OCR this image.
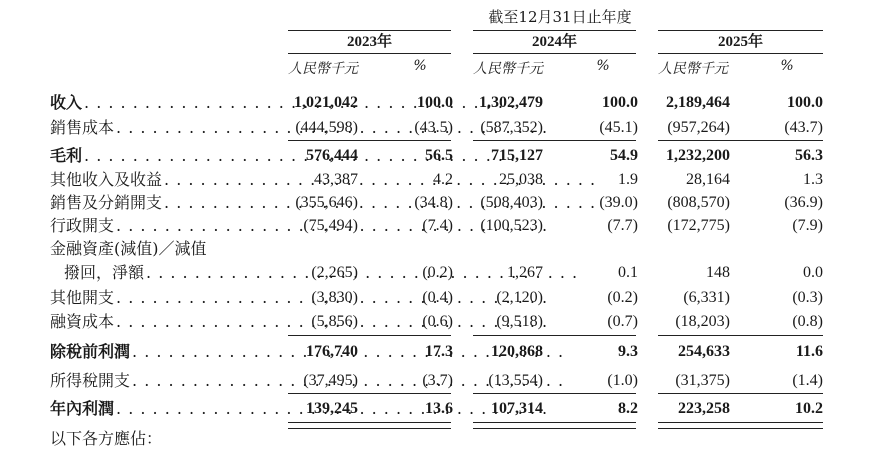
截至12月31日止年度
2023年	2024年	2025年
人民幣千元	%	人民幣千元	%	人民幣千元	%
收入 . . .	1,021,042	100.0	1,302,479	100.0	2,189,464	100.0
銷售成本 . . .	(444,598)	(43.5)	(587,352)	(45.1)	(957,264)	(43.7)
毛利 . . .	576,444	56.5	715,127	54.9	1,232,200	56.3
其他收入及收益 . . .	43,387	4.2	25,038	1.9	28,164	1.3
銷售及分銷開支 . . .	(355,646)	(34.8)	(508,403)	(39.0)	(808,570)	(36.9)
行政開支 . . .	(75,494)	(7.4)	(100,523)	(7.7)	(172,775)	(7.9)
金融資產(減值)／減值
撥回，淨額 . . .	(2,265)	(0.2)	1,267	0.1	148	0.0
其他開支 . . .	(3,830)	(0.4)	(2,120)	(0.2)	(6,331)	(0.3)
融資成本 . . .	(5,856)	(0.6)	(9,518)	(0.7)	(18,203)	(0.8)
除稅前利潤 . . .	176,740	17.3	120,868	9.3	254,633	11.6
所得稅開支 . . .	(37,495)	(3.7)	(13,554)	(1.0)	(31,375)	(1.4)
年內利潤 . . .	139,245	13.6	107,314	8.2	223,258	10.2
以下各方應佔：
